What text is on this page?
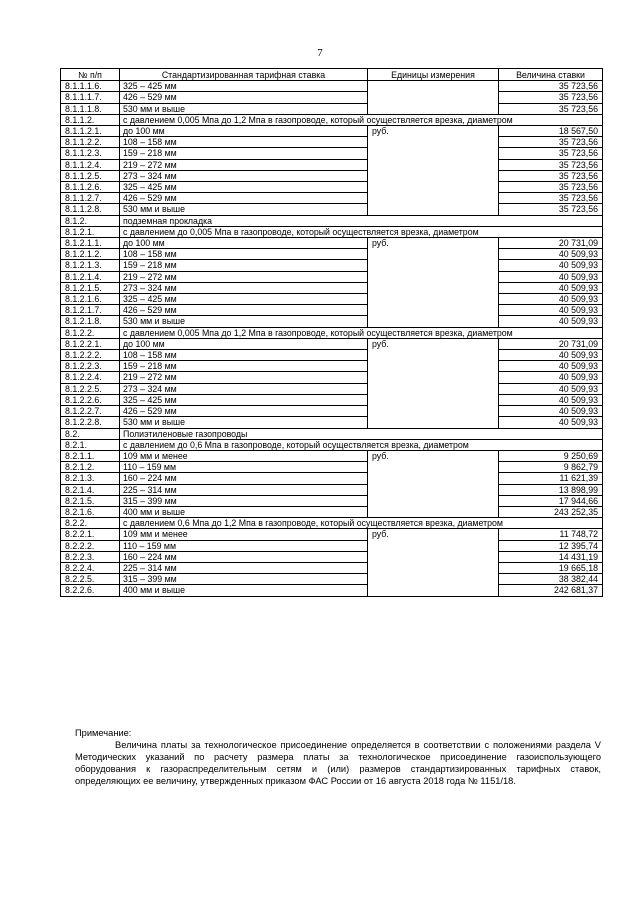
7
№ п/п	Стандартизированная тарифная ставка	Единицы измерения	Величина ставки
8.1.1.1.6.	325 – 425 мм		35 723,56
8.1.1.1.7.	426 – 529 мм		35 723,56
8.1.1.1.8.	530 мм и выше		35 723,56
8.1.1.2.	с давлением 0,005 Мпа до 1,2 Мпа в газопроводе, который осуществляется врезка, диаметром		
8.1.1.2.1.	до 100 мм	руб.	18 567,50
8.1.1.2.2.	108 – 158 мм		35 723,56
8.1.1.2.3.	159 – 218 мм		35 723,56
8.1.1.2.4.	219 – 272 мм		35 723,56
8.1.1.2.5.	273 – 324 мм		35 723,56
8.1.1.2.6.	325 – 425 мм		35 723,56
8.1.1.2.7.	426 – 529 мм		35 723,56
8.1.1.2.8.	530 мм и выше		35 723,56
8.1.2.	подземная прокладка		
8.1.2.1.	с давлением до 0,005 Мпа в газопроводе, который осуществляется врезка, диаметром		
8.1.2.1.1.	до 100 мм	руб.	20 731,09
8.1.2.1.2.	108 – 158 мм		40 509,93
8.1.2.1.3.	159 – 218 мм		40 509,93
8.1.2.1.4.	219 – 272 мм		40 509,93
8.1.2.1.5.	273 – 324 мм		40 509,93
8.1.2.1.6.	325 – 425 мм		40 509,93
8.1.2.1.7.	426 – 529 мм		40 509,93
8.1.2.1.8.	530 мм и выше		40 509,93
8.1.2.2.	с давлением 0,005 Мпа до 1,2 Мпа в газопроводе, который осуществляется врезка, диаметром		
8.1.2.2.1.	до 100 мм	руб.	20 731,09
8.1.2.2.2.	108 – 158 мм		40 509,93
8.1.2.2.3.	159 – 218 мм		40 509,93
8.1.2.2.4.	219 – 272 мм		40 509,93
8.1.2.2.5.	273 – 324 мм		40 509,93
8.1.2.2.6.	325 – 425 мм		40 509,93
8.1.2.2.7.	426 – 529 мм		40 509,93
8.1.2.2.8.	530 мм и выше		40 509,93
8.2.	Полиэтиленовые газопроводы		
8.2.1.	с давлением до 0,6 Мпа в газопроводе, который осуществляется врезка, диаметром		
8.2.1.1.	109 мм и менее	руб.	9 250,69
8.2.1.2.	110 – 159 мм		9 862,79
8.2.1.3.	160 – 224 мм		11 621,39
8.2.1.4.	225 – 314 мм		13 898,99
8.2.1.5.	315 – 399 мм		17 944,66
8.2.1.6.	400 мм и выше		243 252,35
8.2.2.	с давлением 0,6 Мпа до 1,2 Мпа в газопроводе, который осуществляется врезка, диаметром		
8.2.2.1.	109 мм и менее	руб.	11 748,72
8.2.2.2.	110 – 159 мм		12 395,74
8.2.2.3.	160 – 224 мм		14 431,19
8.2.2.4.	225 – 314 мм		19 665,18
8.2.2.5.	315 – 399 мм		38 382,44
8.2.2.6.	400 мм и выше		242 681,37

Примечание:

Величина платы за технологическое присоединение определяется в соответствии с положениями раздела V Методических указаний по расчету размера платы за технологическое присоединение газоиспользующего оборудования к газораспределительным сетям и (или) размеров стандартизированных тарифных ставок, определяющих ее величину, утвержденных приказом ФАС России от 16 августа 2018 года № 1151/18.
